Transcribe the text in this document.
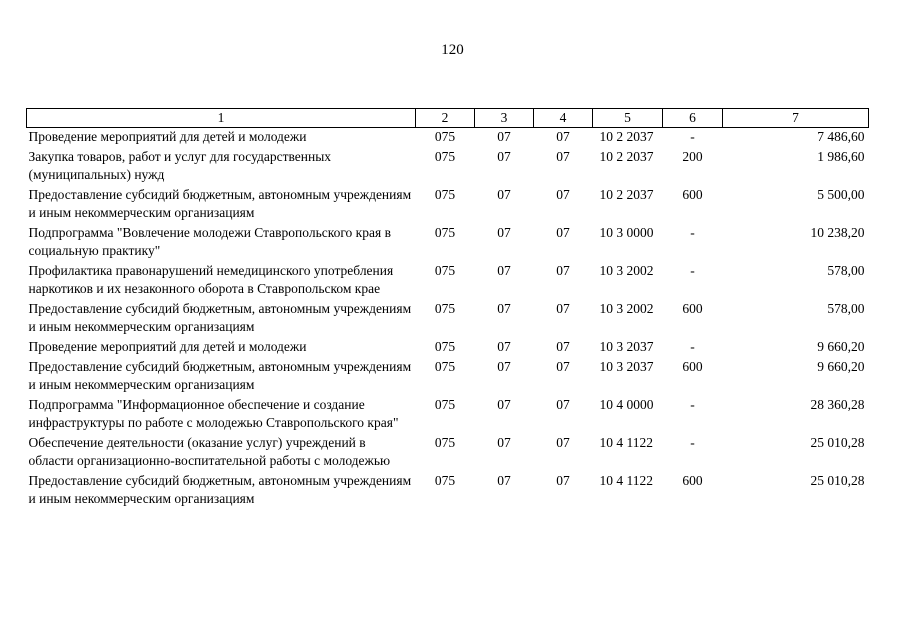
120
1	2	3	4	5	6	7
Проведение мероприятий для детей и молодежи	075	07	07	10 2 2037	-	7 486,60
Закупка товаров, работ и услуг для государственных (муниципальных) нужд	075	07	07	10 2 2037	200	1 986,60
Предоставление субсидий бюджетным, автономным учреждениям и иным некоммерческим организациям	075	07	07	10 2 2037	600	5 500,00
Подпрограмма "Вовлечение молодежи Ставропольского края в социальную практику"	075	07	07	10 3 0000	-	10 238,20
Профилактика правонарушений немедицинского употребления наркотиков и их незаконного оборота в Ставропольском крае	075	07	07	10 3 2002	-	578,00
Предоставление субсидий бюджетным, автономным учреждениям и иным некоммерческим организациям	075	07	07	10 3 2002	600	578,00
Проведение мероприятий для детей и молодежи	075	07	07	10 3 2037	-	9 660,20
Предоставление субсидий бюджетным, автономным учреждениям и иным некоммерческим организациям	075	07	07	10 3 2037	600	9 660,20
Подпрограмма "Информационное обеспечение и создание инфраструктуры по работе с молодежью Ставропольского края"	075	07	07	10 4 0000	-	28 360,28
Обеспечение деятельности (оказание услуг) учреждений в области организационно-воспитательной работы с молодежью	075	07	07	10 4 1122	-	25 010,28
Предоставление субсидий бюджетным, автономным учреждениям и иным некоммерческим организациям	075	07	07	10 4 1122	600	25 010,28
